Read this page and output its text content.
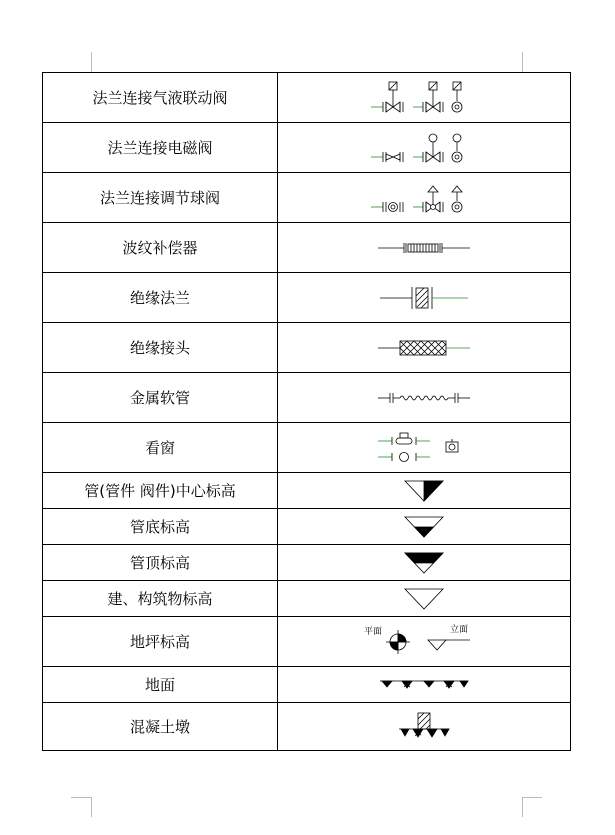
法兰连接气液联动阀	

法兰连接电磁阀	

法兰连接调节球阀	

波纹补偿器	

绝缘法兰	

绝缘接头	

金属软管	

看窗	

管(管件 阀件)中心标高	

管底标高	

管顶标高	

建、构筑物标高	

地坪标高	平面 立面

地面	

混凝土墩	
